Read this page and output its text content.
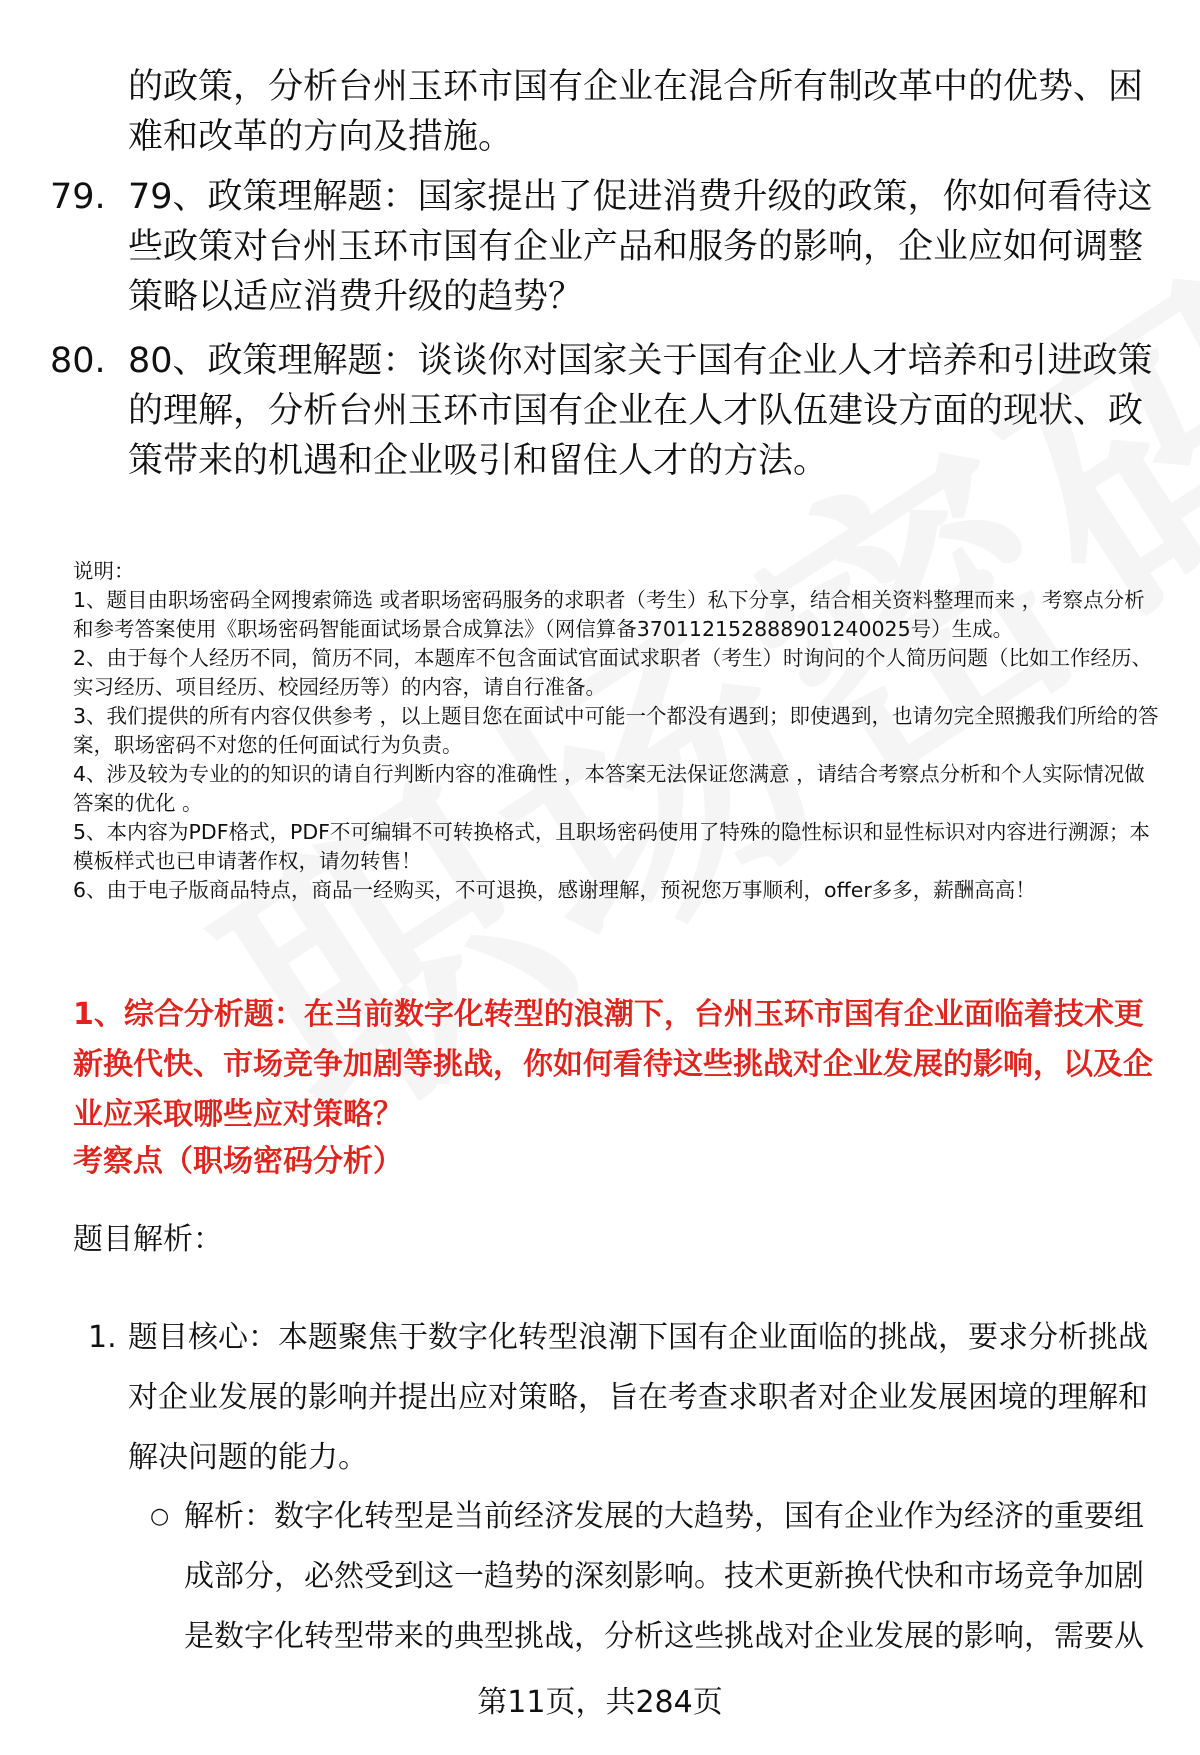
的政策，分析台州玉环市国有企业在混合所有制改革中的优势、困难和改革的方向及措施。
79. 79、政策理解题：国家提出了促进消费升级的政策，你如何看待这些政策对台州玉环市国有企业产品和服务的影响，企业应如何调整策略以适应消费升级的趋势？
80. 80、政策理解题：谈谈你对国家关于国有企业人才培养和引进政策的理解，分析台州玉环市国有企业在人才队伍建设方面的现状、政策带来的机遇和企业吸引和留住人才的方法。
说明：
1、题目由职场密码全网搜索筛选 或者职场密码服务的求职者（考生）私下分享，结合相关资料整理而来 ，考察点分析和参考答案使用《职场密码智能面试场景合成算法》（网信算备370112152888901240025号）生成。
2、由于每个人经历不同，简历不同，本题库不包含面试官面试求职者（考生）时询问的个人简历问题（比如工作经历、实习经历、项目经历、校园经历等）的内容，请自行准备。
3、我们提供的所有内容仅供参考 ，以上题目您在面试中可能一个都没有遇到；即使遇到，也请勿完全照搬我们所给的答案，职场密码不对您的任何面试行为负责。
4、涉及较为专业的的知识的请自行判断内容的准确性 ，本答案无法保证您满意 ，请结合考察点分析和个人实际情况做答案的优化 。
5、本内容为PDF格式，PDF不可编辑不可转换格式，且职场密码使用了特殊的隐性标识和显性标识对内容进行溯源；本模板样式也已申请著作权，请勿转售！
6、由于电子版商品特点，商品一经购买，不可退换，感谢理解，预祝您万事顺利，offer多多，薪酬高高！
1、综合分析题：在当前数字化转型的浪潮下，台州玉环市国有企业面临着技术更新换代快、市场竞争加剧等挑战，你如何看待这些挑战对企业发展的影响，以及企业应采取哪些应对策略？
考察点（职场密码分析）
题目解析：
1. 题目核心：本题聚焦于数字化转型浪潮下国有企业面临的挑战，要求分析挑战对企业发展的影响并提出应对策略，旨在考查求职者对企业发展困境的理解和解决问题的能力。
○ 解析：数字化转型是当前经济发展的大趋势，国有企业作为经济的重要组成部分，必然受到这一趋势的深刻影响。技术更新换代快和市场竞争加剧是数字化转型带来的典型挑战，分析这些挑战对企业发展的影响，需要从
第11页，共284页
